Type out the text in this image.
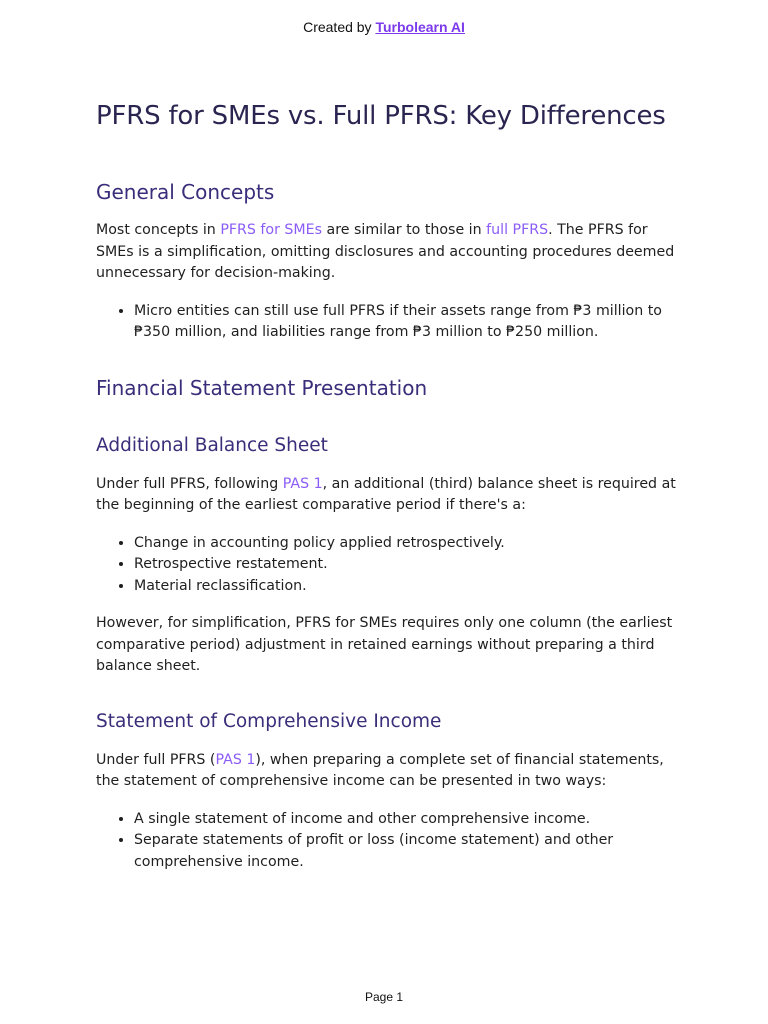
Created by Turbolearn AI
PFRS for SMEs vs. Full PFRS: Key Differences
General Concepts

Most concepts in PFRS for SMEs are similar to those in full PFRS. The PFRS for SMEs is a simplification, omitting disclosures and accounting procedures deemed unnecessary for decision-making.

• Micro entities can still use full PFRS if their assets range from ₱3 million to ₱350 million, and liabilities range from ₱3 million to ₱250 million.
Financial Statement Presentation
Additional Balance Sheet

Under full PFRS, following PAS 1, an additional (third) balance sheet is required at the beginning of the earliest comparative period if there's a:

• Change in accounting policy applied retrospectively.
• Retrospective restatement.
• Material reclassification.

However, for simplification, PFRS for SMEs requires only one column (the earliest comparative period) adjustment in retained earnings without preparing a third balance sheet.

Statement of Comprehensive Income

Under full PFRS (PAS 1), when preparing a complete set of financial statements, the statement of comprehensive income can be presented in two ways:

• A single statement of income and other comprehensive income.
• Separate statements of profit or loss (income statement) and other comprehensive income.
Page 1
